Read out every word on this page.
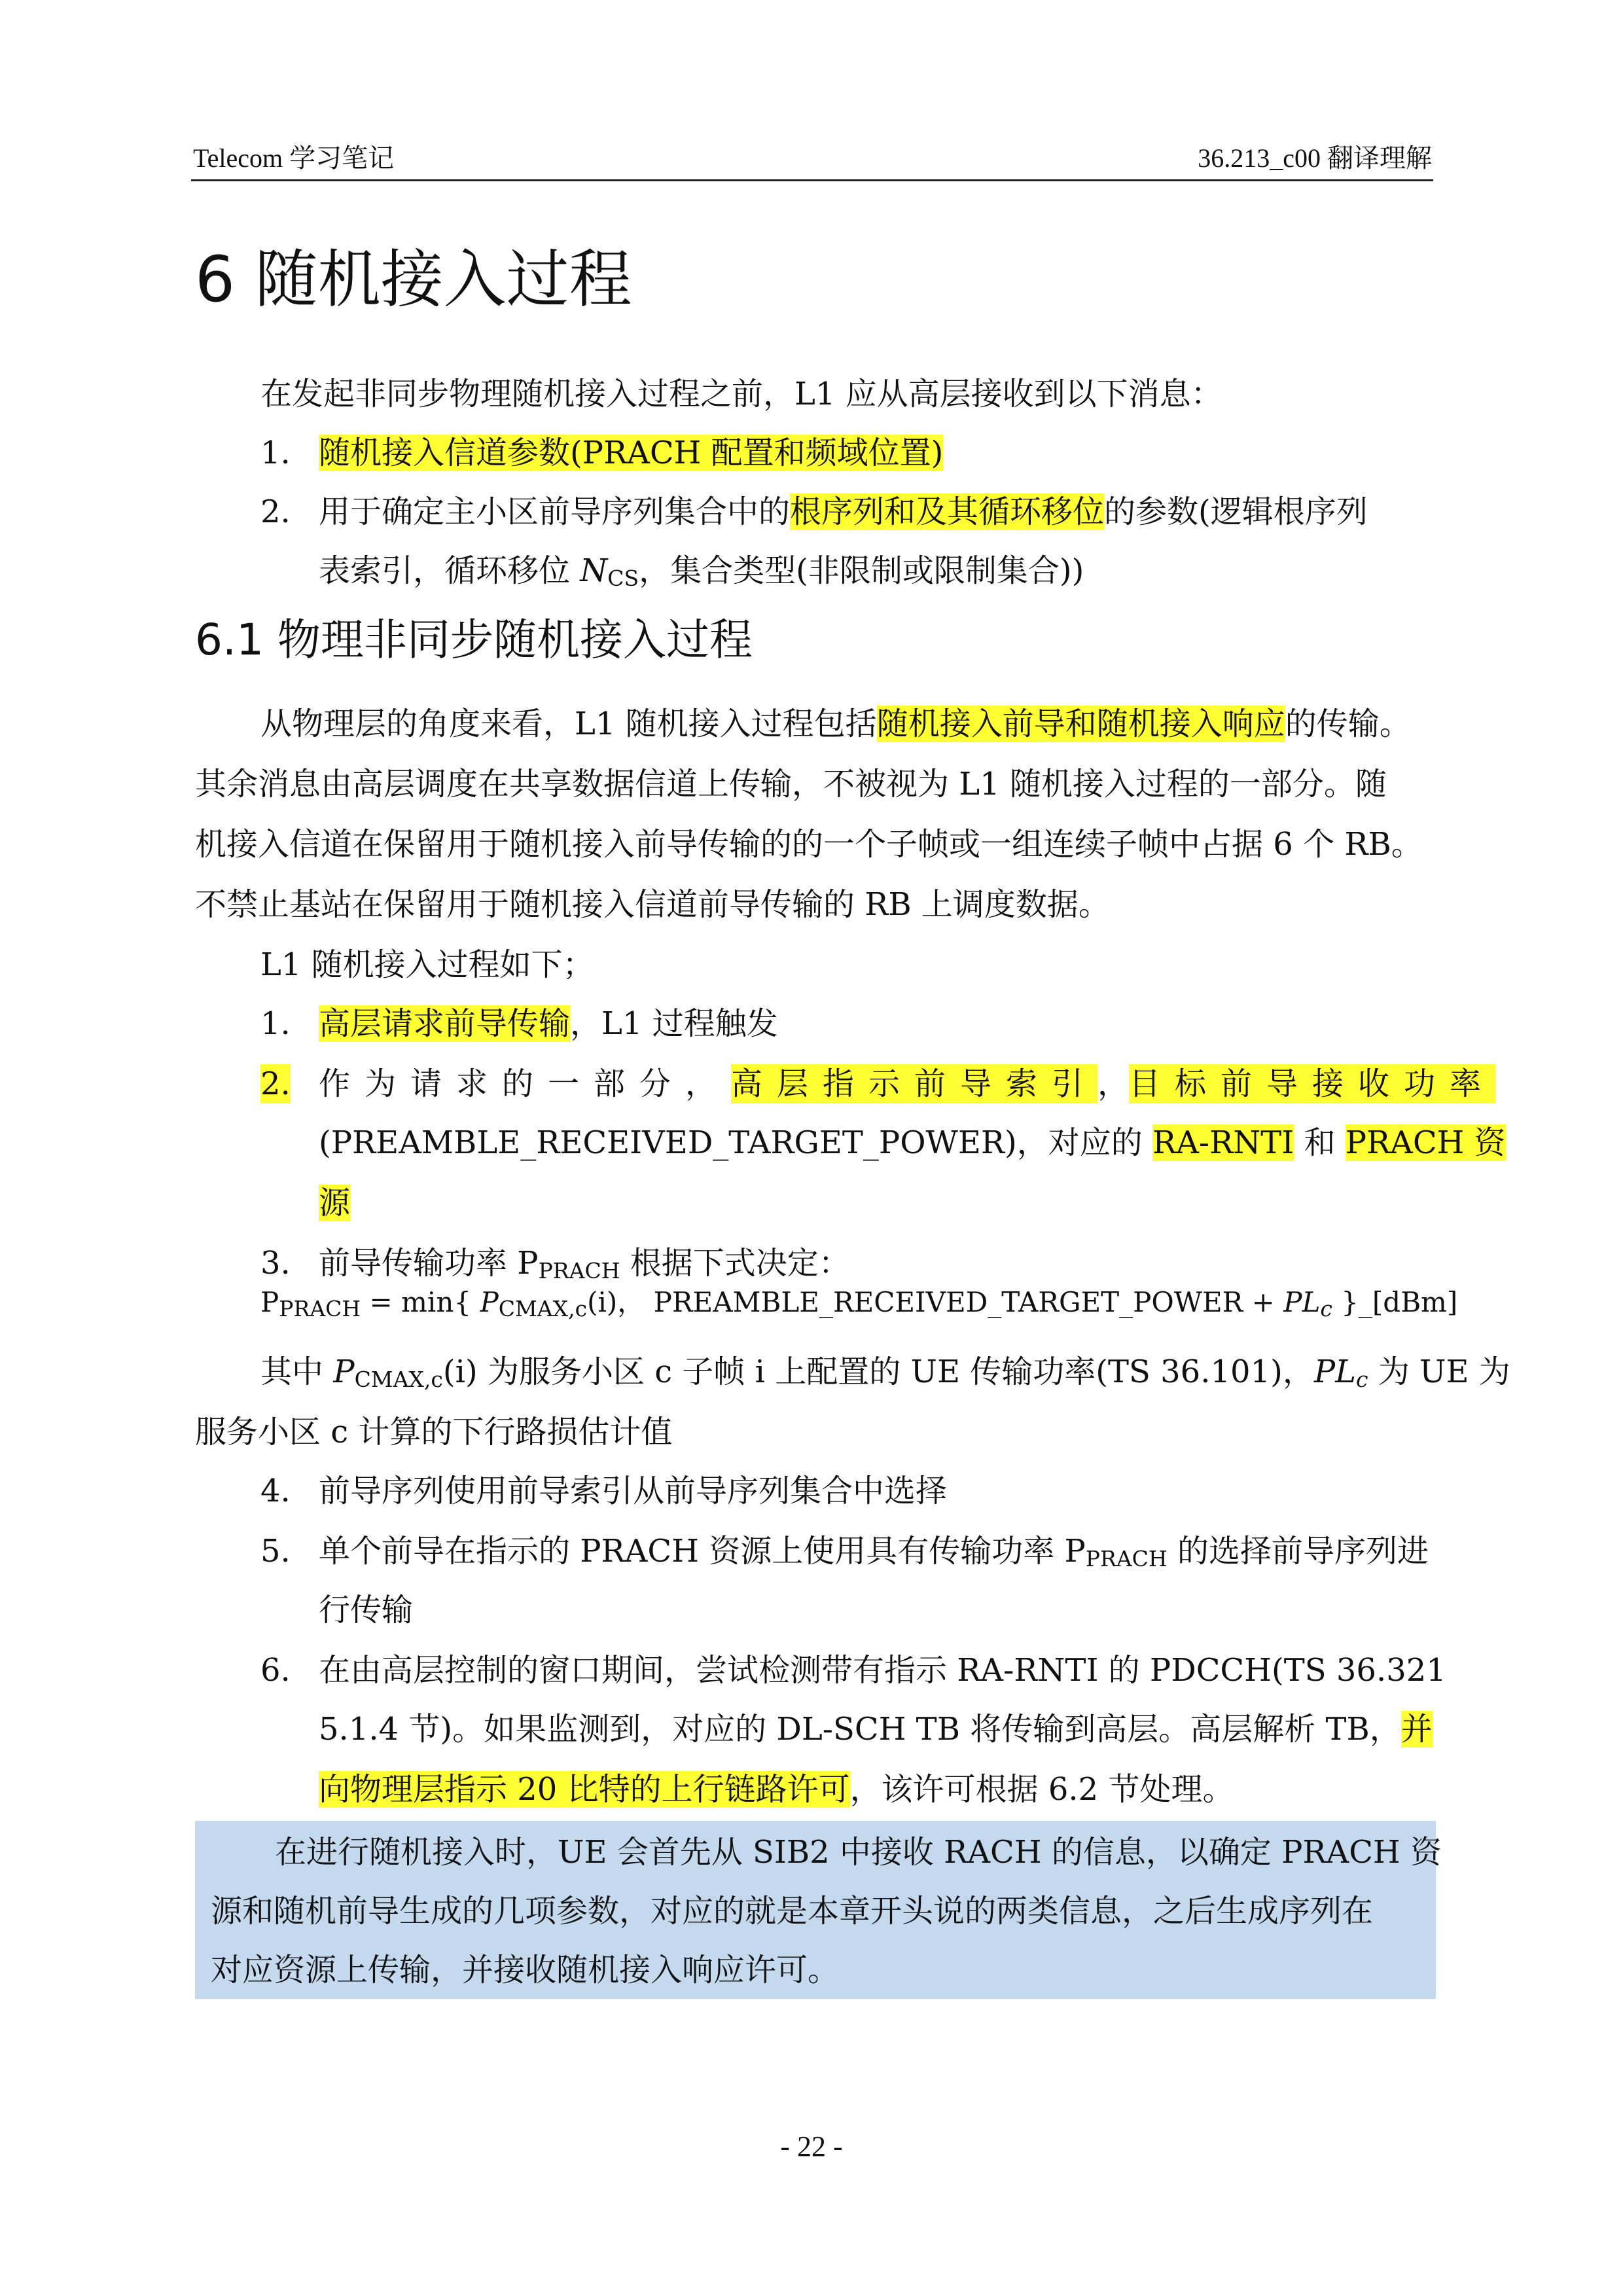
Telecom 学习笔记	36.213_c00 翻译理解
6 随机接入过程
在发起非同步物理随机接入过程之前，L1 应从高层接收到以下消息：
1. 随机接入信道参数(PRACH 配置和频域位置)
2. 用于确定主小区前导序列集合中的根序列和及其循环移位的参数(逻辑根序列
表索引，循环移位 $N_{CS}$，集合类型(非限制或限制集合))
6.1 物理非同步随机接入过程
从物理层的角度来看，L1 随机接入过程包括随机接入前导和随机接入响应的传输。
其余消息由高层调度在共享数据信道上传输，不被视为 L1 随机接入过程的一部分。随
机接入信道在保留用于随机接入前导传输的的一个子帧或一组连续子帧中占据 6 个 RB。
不禁止基站在保留用于随机接入信道前导传输的 RB 上调度数据。
L1 随机接入过程如下；
1. 高层请求前导传输，L1 过程触发
2. 作为请求的一部分， 高层指示前导索引 ， 目标前导接收功率
(PREAMBLE_RECEIVED_TARGET_POWER)，对应的 RA-RNTI 和 PRACH 资
源
3. 前导传输功率 $P_{PRACH}$ 根据下式决定：
$P_{PRACH} = \min${ $P_{CMAX,c}(i)$， PREAMBLE_RECEIVED_TARGET_POWER + $PL_c$ }_[dBm]
其中 $P_{CMAX,c}(i)$ 为服务小区 c 子帧 i 上配置的 UE 传输功率(TS 36.101)，$PL_c$ 为 UE 为
服务小区 c 计算的下行路损估计值
4. 前导序列使用前导索引从前导序列集合中选择
5. 单个前导在指示的 PRACH 资源上使用具有传输功率 $P_{PRACH}$ 的选择前导序列进
行传输
6. 在由高层控制的窗口期间，尝试检测带有指示 RA-RNTI 的 PDCCH(TS 36.321
5.1.4 节)。如果监测到，对应的 DL-SCH TB 将传输到高层。高层解析 TB，并
向物理层指示 20 比特的上行链路许可，该许可根据 6.2 节处理。
在进行随机接入时，UE 会首先从 SIB2 中接收 RACH 的信息，以确定 PRACH 资
源和随机前导生成的几项参数，对应的就是本章开头说的两类信息，之后生成序列在
对应资源上传输，并接收随机接入响应许可。
- 22 -
